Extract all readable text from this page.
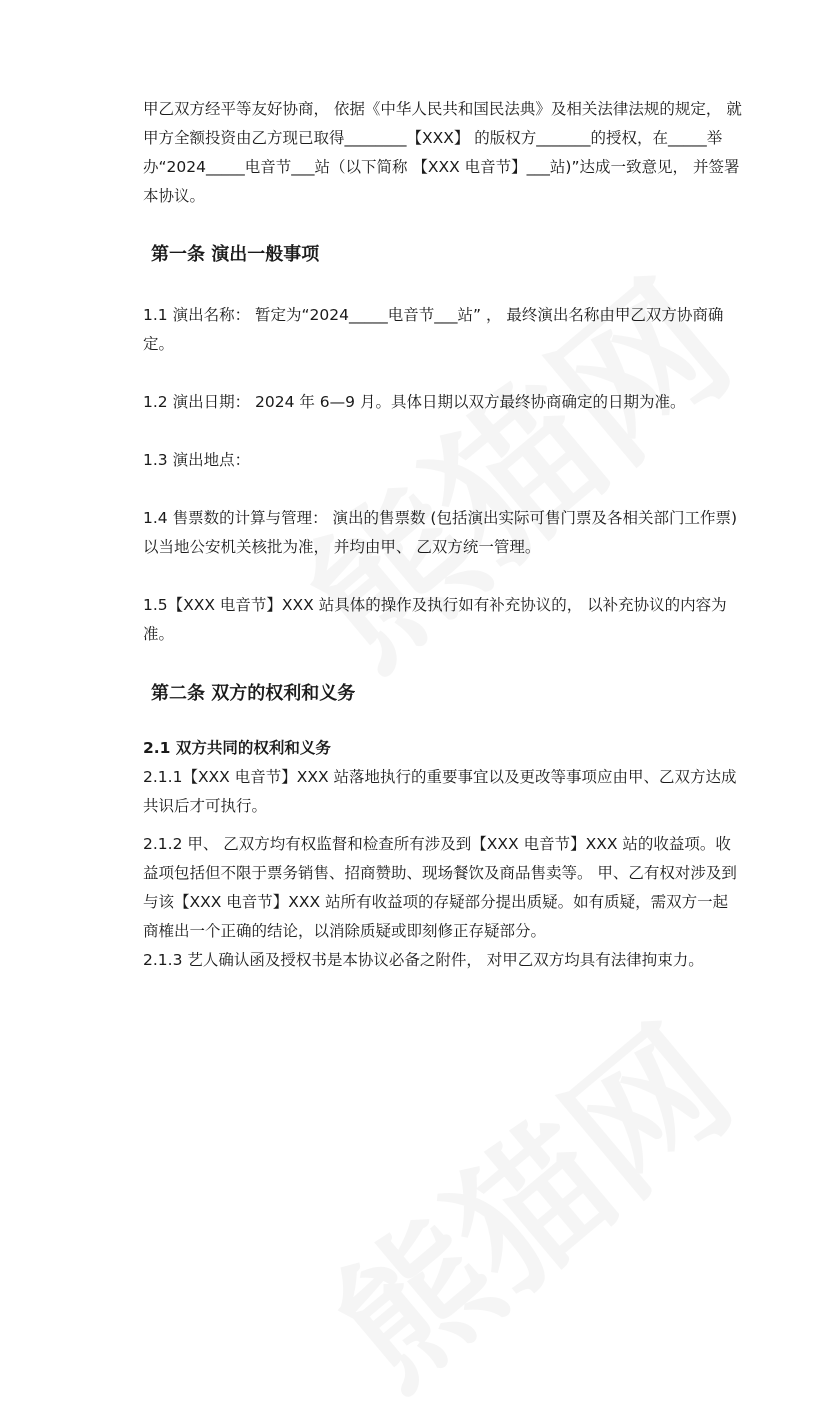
甲乙双方经平等友好协商， 依据《中华人民共和国民法典》及相关法律法规的规定， 就甲方全额投资由乙方现已取得________【XXX】 的版权方_______的授权，在_____举办“2024_____电音节___站（以下简称 【XXX 电音节】___站)”达成一致意见， 并签署本协议。

第一条 演出一般事项

1.1 演出名称： 暂定为“2024_____电音节___站” ， 最终演出名称由甲乙双方协商确定。

1.2 演出日期： 2024 年 6—9 月。具体日期以双方最终协商确定的日期为准。

1.3 演出地点：

1.4 售票数的计算与管理： 演出的售票数 (包括演出实际可售门票及各相关部门工作票) 以当地公安机关核批为准， 并均由甲、 乙双方统一管理。

1.5【XXX 电音节】XXX 站具体的操作及执行如有补充协议的， 以补充协议的内容为准。

第二条 双方的权利和义务

2.1 双方共同的权利和义务

2.1.1【XXX 电音节】XXX 站落地执行的重要事宜以及更改等事项应由甲、乙双方达成共识后才可执行。

2.1.2 甲、 乙双方均有权监督和检查所有涉及到【XXX 电音节】XXX 站的收益项。收益项包括但不限于票务销售、招商赞助、现场餐饮及商品售卖等。 甲、乙有权对涉及到与该【XXX 电音节】XXX 站所有收益项的存疑部分提出质疑。如有质疑，需双方一起商榷出一个正确的结论，以消除质疑或即刻修正存疑部分。

2.1.3 艺人确认函及授权书是本协议必备之附件， 对甲乙双方均具有法律拘束力。
